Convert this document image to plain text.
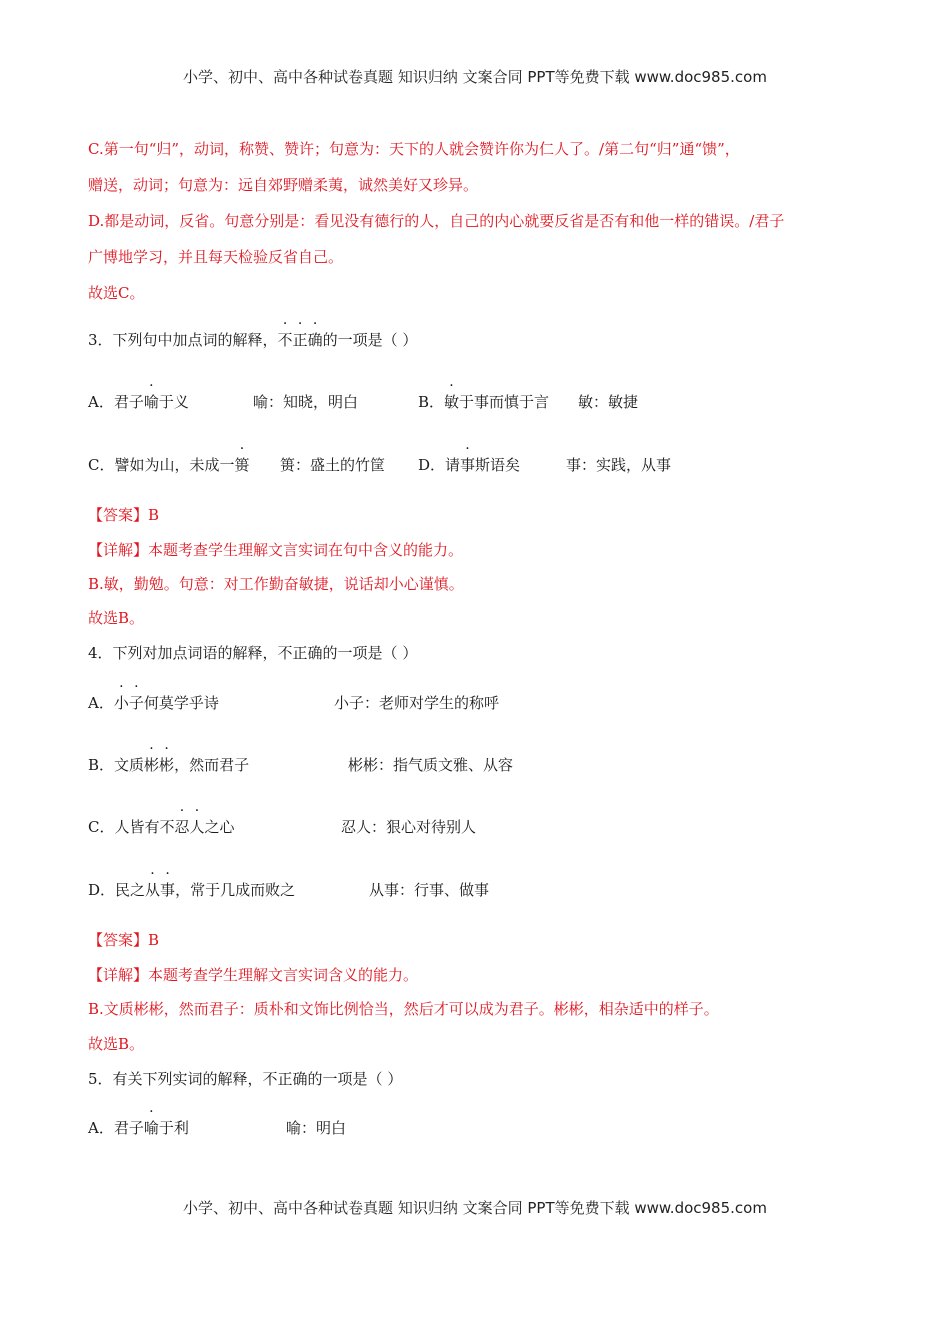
小学、初中、高中各种试卷真题 知识归纳 文案合同 PPT等免费下载 www.doc985.com
C.第一句“归”，动词，称赞、赞许；句意为：天下的人就会赞许你为仁人了。/第二句“归”通“馈”，
赠送，动词；句意为：远自郊野赠柔荑，诚然美好又珍异。
D.都是动词，反省。句意分别是：看见没有德行的人，自己的内心就要反省是否有和他一样的错误。/君子
广博地学习，并且每天检验反省自己。
故选C。
3．下列句中加点词的解释，不正确的一项是（ ）
A．君子喻于义	喻：知晓，明白	B．敏于事而慎于言 敏：敏捷
C．譬如为山，未成一篑 篑：盛土的竹筐 D．请事斯语矣	事：实践，从事
【答案】B
【详解】本题考查学生理解文言实词在句中含义的能力。
B.敏，勤勉。句意：对工作勤奋敏捷，说话却小心谨慎。
故选B。
4．下列对加点词语的解释，不正确的一项是（ ）
A．小子何莫学乎诗	小子：老师对学生的称呼
B．文质彬彬，然而君子	彬彬：指气质文雅、从容
C．人皆有不忍人之心	忍人：狠心对待别人
D．民之从事，常于几成而败之	从事：行事、做事
【答案】B
【详解】本题考查学生理解文言实词含义的能力。
B.文质彬彬，然而君子：质朴和文饰比例恰当，然后才可以成为君子。彬彬，相杂适中的样子。
故选B。
5．有关下列实词的解释，不正确的一项是（ ）
A．君子喻于利	喻：明白
小学、初中、高中各种试卷真题 知识归纳 文案合同 PPT等免费下载 www.doc985.com
